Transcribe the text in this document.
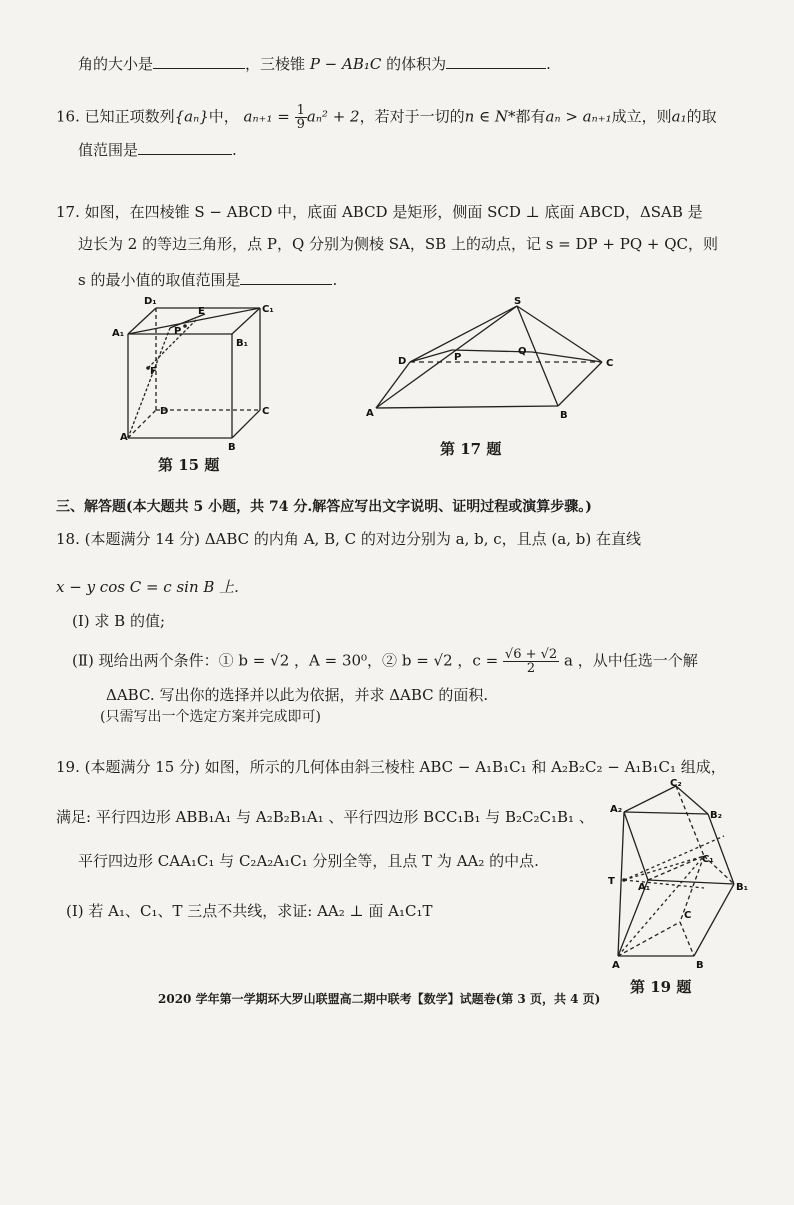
角的大小是	，三棱锥 P − AB₁C 的体积为	.
16. 已知正项数列{aₙ}中， $a_{n+1} = \frac{1}{9} a_n^2 + 2$，若对于一切的n ∈ N*都有aₙ > aₙ₊₁成立，则a₁的取
值范围是	.
17. 如图，在四棱锥 S − ABCD 中，底面 ABCD 是矩形，侧面 SCD ⊥ 底面 ABCD，ΔSAB 是
边长为 2 的等边三角形，点 P，Q 分别为侧棱 SA，SB 上的动点，记 s = DP + PQ + QC，则
s 的最小值的取值范围是	.
D₁
E	C₁
A₁	P
B₁
F
D	C
A
B
第 15 题
S
D	P
Q
C
A	B
第 17 题
三、解答题(本大题共 5 小题，共 74 分.解答应写出文字说明、证明过程或演算步骤。)
18. (本题满分 14 分) ΔABC 的内角 A, B, C 的对边分别为 a, b, c，且点 (a, b) 在直线
x − y cos C = c sin B 上.
(Ⅰ) 求 B 的值;
(Ⅱ) 现给出两个条件：① b = √2 ，A = 30⁰，② b = √2 ，$c = \frac{√6 + √2}{2}$ a ，从中任选一个解
ΔABC. 写出你的选择并以此为依据，并求 ΔABC 的面积.
(只需写出一个选定方案并完成即可)
19. (本题满分 15 分) 如图，所示的几何体由斜三棱柱 ABC − A₁B₁C₁ 和 A₂B₂C₂ − A₁B₁C₁ 组成，
满足: 平行四边形 ABB₁A₁ 与 A₂B₂B₁A₁ 、平行四边形 BCC₁B₁ 与 B₂C₂C₁B₁ 、
平行四边形 CAA₁C₁ 与 C₂A₂A₁C₁ 分别全等，且点 T 为 AA₂ 的中点.
(Ⅰ) 若 A₁、C₁、T 三点不共线，求证: AA₂ ⊥ 面 A₁C₁T
C₂
A₂
B₂
C₁
T
A₁	B₁
C
A	B
第 19 题
2020 学年第一学期环大罗山联盟高二期中联考【数学】试题卷(第 3 页，共 4 页)
